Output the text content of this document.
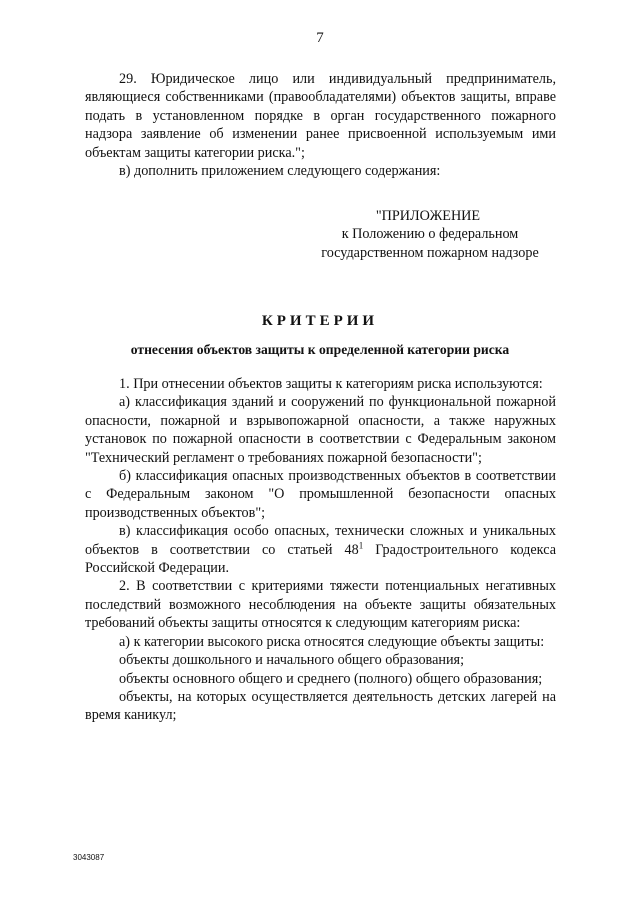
7

29. Юридическое лицо или индивидуальный предприниматель, являющиеся собственниками (правообладателями) объектов защиты, вправе подать в установленном порядке в орган государственного пожарного надзора заявление об изменении ранее присвоенной используемым ими объектам защиты категории риска.";

в) дополнить приложением следующего содержания:

"ПРИЛОЖЕНИЕ
к Положению о федеральном
государственном пожарном надзоре
КРИТЕРИИ
отнесения объектов защиты к определенной категории риска

1. При отнесении объектов защиты к категориям риска используются:

а) классификация зданий и сооружений по функциональной пожарной опасности, пожарной и взрывопожарной опасности, а также наружных установок по пожарной опасности в соответствии с Федеральным законом "Технический регламент о требованиях пожарной безопасности";

б) классификация опасных производственных объектов в соответствии с Федеральным законом "О промышленной безопасности опасных производственных объектов";

в) классификация особо опасных, технически сложных и уникальных объектов в соответствии со статьей $48^1$ Градостроительного кодекса Российской Федерации.

2. В соответствии с критериями тяжести потенциальных негативных последствий возможного несоблюдения на объекте защиты обязательных требований объекты защиты относятся к следующим категориям риска:

а) к категории высокого риска относятся следующие объекты защиты:

объекты дошкольного и начального общего образования;

объекты основного общего и среднего (полного) общего образования;

объекты, на которых осуществляется деятельность детских лагерей на время каникул;

3043087
